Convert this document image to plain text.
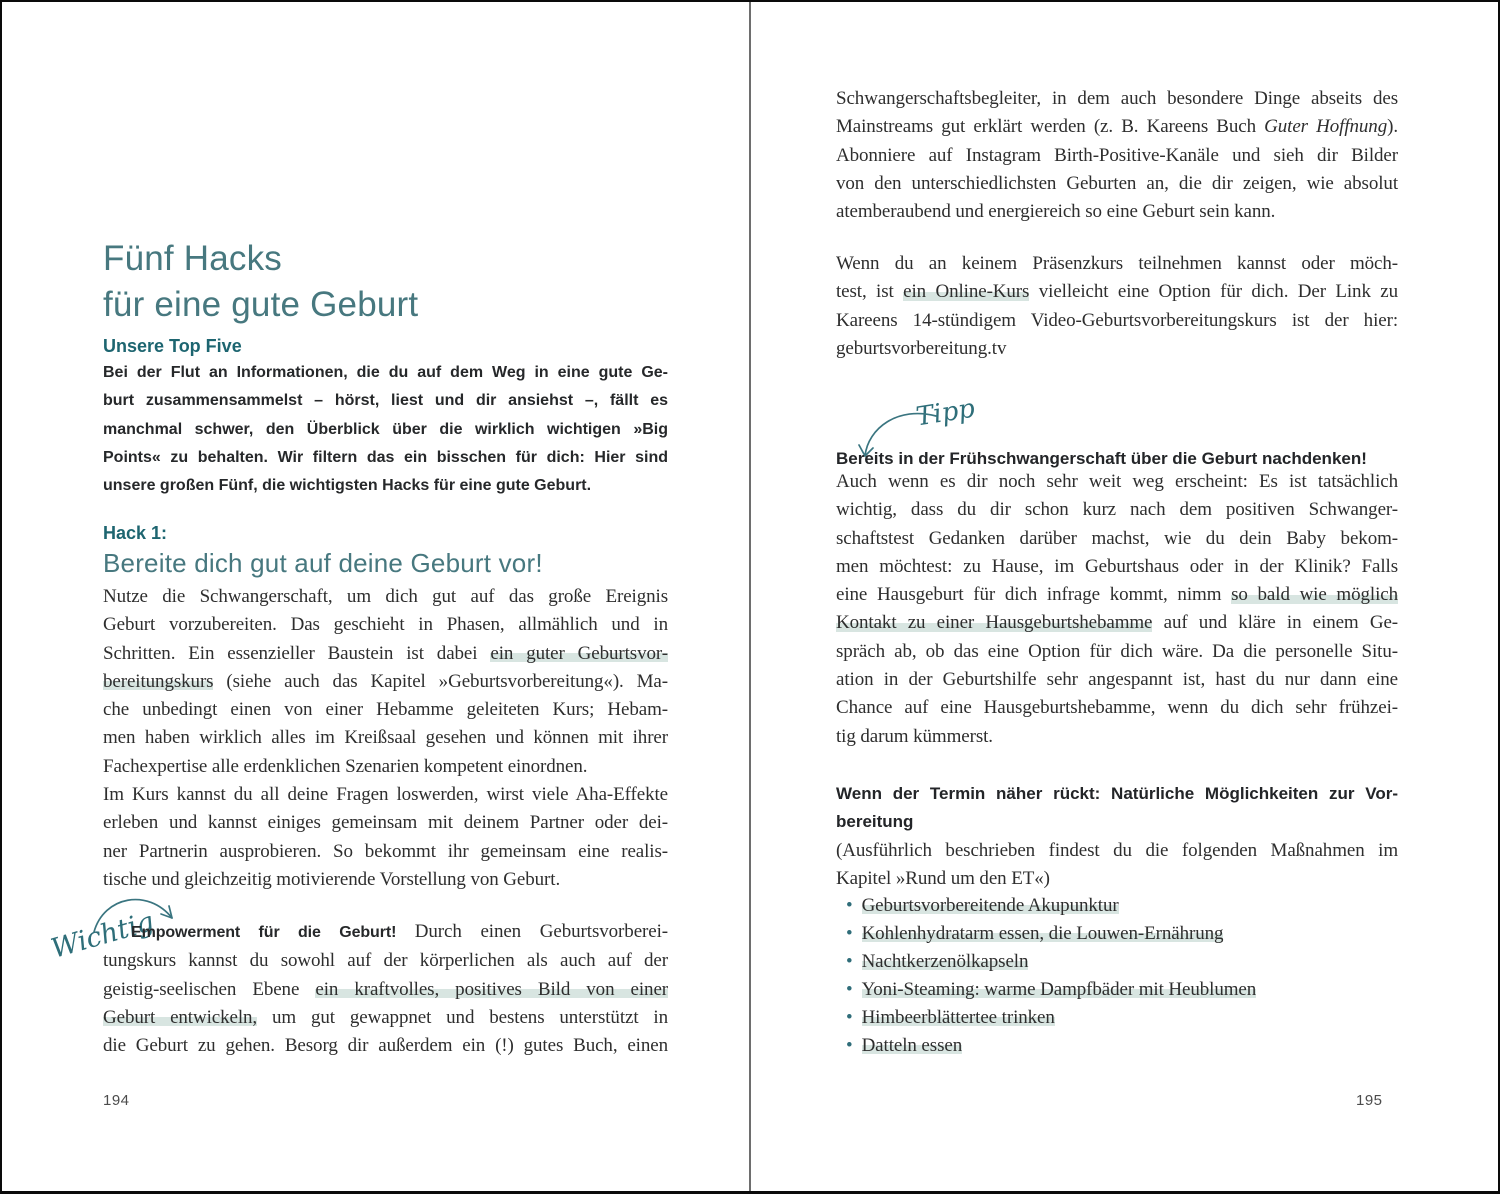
Fünf Hacks
für eine gute Geburt
Unsere Top Five
Bei der Flut an Informationen, die du auf dem Weg in eine gute Ge-
burt zusammensammelst – hörst, liest und dir ansiehst –, fällt es
manchmal schwer, den Überblick über die wirklich wichtigen »Big
Points« zu behalten. Wir filtern das ein bisschen für dich: Hier sind
unsere großen Fünf, die wichtigsten Hacks für eine gute Geburt.
Hack 1:
Bereite dich gut auf deine Geburt vor!
Nutze die Schwangerschaft, um dich gut auf das große Ereignis
Geburt vorzubereiten. Das geschieht in Phasen, allmählich und in
Schritten. Ein essenzieller Baustein ist dabei ein guter Geburtsvor-
bereitungskurs (siehe auch das Kapitel »Geburtsvorbereitung«). Ma-
che unbedingt einen von einer Hebamme geleiteten Kurs; Hebam-
men haben wirklich alles im Kreißsaal gesehen und können mit ihrer
Fachexpertise alle erdenklichen Szenarien kompetent einordnen.
Im Kurs kannst du all deine Fragen loswerden, wirst viele Aha-Effekte
erleben und kannst einiges gemeinsam mit deinem Partner oder dei-
ner Partnerin ausprobieren. So bekommt ihr gemeinsam eine realis-
tische und gleichzeitig motivierende Vorstellung von Geburt.
Wichtig
Empowerment für die Geburt! Durch einen Geburtsvorberei-
tungskurs kannst du sowohl auf der körperlichen als auch auf der
geistig-seelischen Ebene ein kraftvolles, positives Bild von einer
Geburt entwickeln, um gut gewappnet und bestens unterstützt in
die Geburt zu gehen. Besorg dir außerdem ein (!) gutes Buch, einen
194
Schwangerschaftsbegleiter, in dem auch besondere Dinge abseits des
Mainstreams gut erklärt werden (z. B. Kareens Buch Guter Hoffnung).
Abonniere auf Instagram Birth-Positive-Kanäle und sieh dir Bilder
von den unterschiedlichsten Geburten an, die dir zeigen, wie absolut
atemberaubend und energiereich so eine Geburt sein kann.
Wenn du an keinem Präsenzkurs teilnehmen kannst oder möch-
test, ist ein Online-Kurs vielleicht eine Option für dich. Der Link zu
Kareens 14-stündigem Video-Geburtsvorbereitungskurs ist der hier:
geburtsvorbereitung.tv
Tipp
Bereits in der Frühschwangerschaft über die Geburt nachdenken!
Auch wenn es dir noch sehr weit weg erscheint: Es ist tatsächlich
wichtig, dass du dir schon kurz nach dem positiven Schwanger-
schaftstest Gedanken darüber machst, wie du dein Baby bekom-
men möchtest: zu Hause, im Geburtshaus oder in der Klinik? Falls
eine Hausgeburt für dich infrage kommt, nimm so bald wie möglich
Kontakt zu einer Hausgeburtshebamme auf und kläre in einem Ge-
spräch ab, ob das eine Option für dich wäre. Da die personelle Situ-
ation in der Geburtshilfe sehr angespannt ist, hast du nur dann eine
Chance auf eine Hausgeburtshebamme, wenn du dich sehr frühzei-
tig darum kümmerst.
Wenn der Termin näher rückt: Natürliche Möglichkeiten zur Vor-
bereitung
(Ausführlich beschrieben findest du die folgenden Maßnahmen im
Kapitel »Rund um den ET«)
• Geburtsvorbereitende Akupunktur
• Kohlenhydratarm essen, die Louwen-Ernährung
• Nachtkerzenölkapseln
• Yoni-Steaming: warme Dampfbäder mit Heublumen
• Himbeerblättertee trinken
• Datteln essen
195
